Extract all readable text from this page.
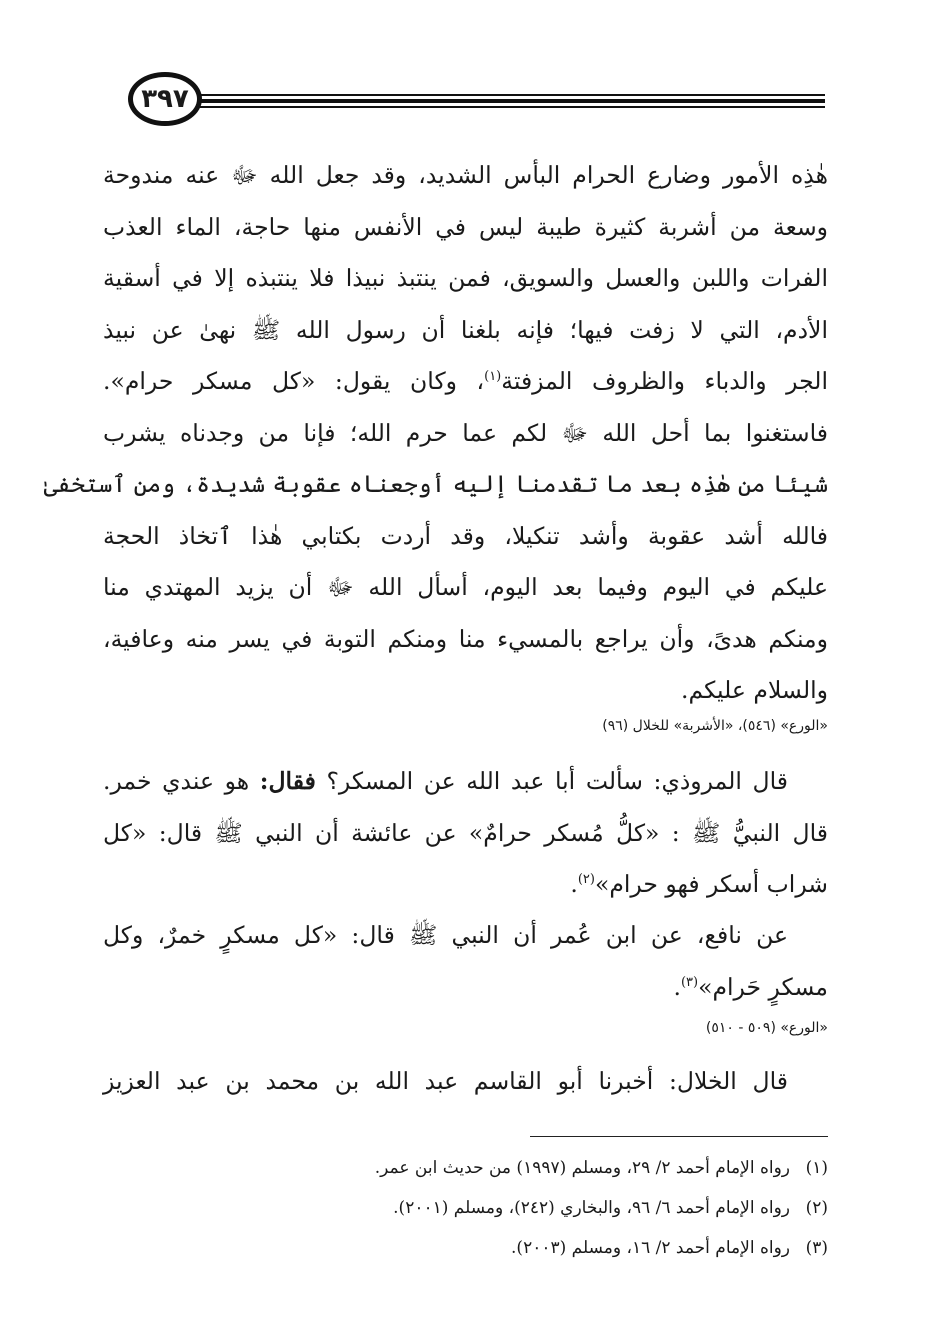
٣٩٧

هٰذِه الأمور وضارع الحرام البأس الشديد، وقد جعل الله ﷻ عنه مندوحة
وسعة من أشربة كثيرة طيبة ليس في الأنفس منها حاجة، الماء العذب
الفرات واللبن والعسل والسويق، فمن ينتبذ نبيذا فلا ينتبذه إلا في أسقية
الأدم، التي لا زفت فيها؛ فإنه بلغنا أن رسول الله ﷺ نهىٰ عن نبيذ
الجر والدباء والظروف المزفتة$^{(١)}$، وكان يقول: «كل مسكر حرام».
فاستغنوا بما أحل الله ﷻ لكم عما حرم الله؛ فإنا من وجدناه يشرب
شيئا من هٰذِه بعد ما تقدمنا إليه أوجعناه عقوبة شديدة، ومن ٱستخفىٰ
فالله أشد عقوبة وأشد تنكيلا، وقد أردت بكتابي هٰذا ٱتخاذ الحجة
عليكم في اليوم وفيما بعد اليوم، أسأل الله ﷻ أن يزيد المهتدي منا
ومنكم هدىً، وأن يراجع بالمسيء منا ومنكم التوبة في يسر منه وعافية،
والسلام عليكم.

«الورع» (٥٤٦)، «الأشربة» للخلال (٩٦)

قال المروذي: سألت أبا عبد الله عن المسكر؟ فقال: هو عندي خمر.
قال النبيُّ ﷺ : «كلُّ مُسكر حرامٌ» عن عائشة أن النبي ﷺ قال: «كل
شراب أسكر فهو حرام»$^{(٢)}$.

عن نافع، عن ابن عُمر أن النبي ﷺ قال: «كل مسكرٍ خمرٌ، وكل
مسكرٍ حَرام»$^{(٣)}$.

«الورع» (٥٠٩ - ٥١٠)

قال الخلال: أخبرنا أبو القاسم عبد الله بن محمد بن عبد العزيز

(١)
رواه الإمام أحمد ٢/ ٢٩، ومسلم (١٩٩٧) من حديث ابن عمر.
(٢)
رواه الإمام أحمد ٦/ ٩٦، والبخاري (٢٤٢)، ومسلم (٢٠٠١).
(٣)
رواه الإمام أحمد ٢/ ١٦، ومسلم (٢٠٠٣).
